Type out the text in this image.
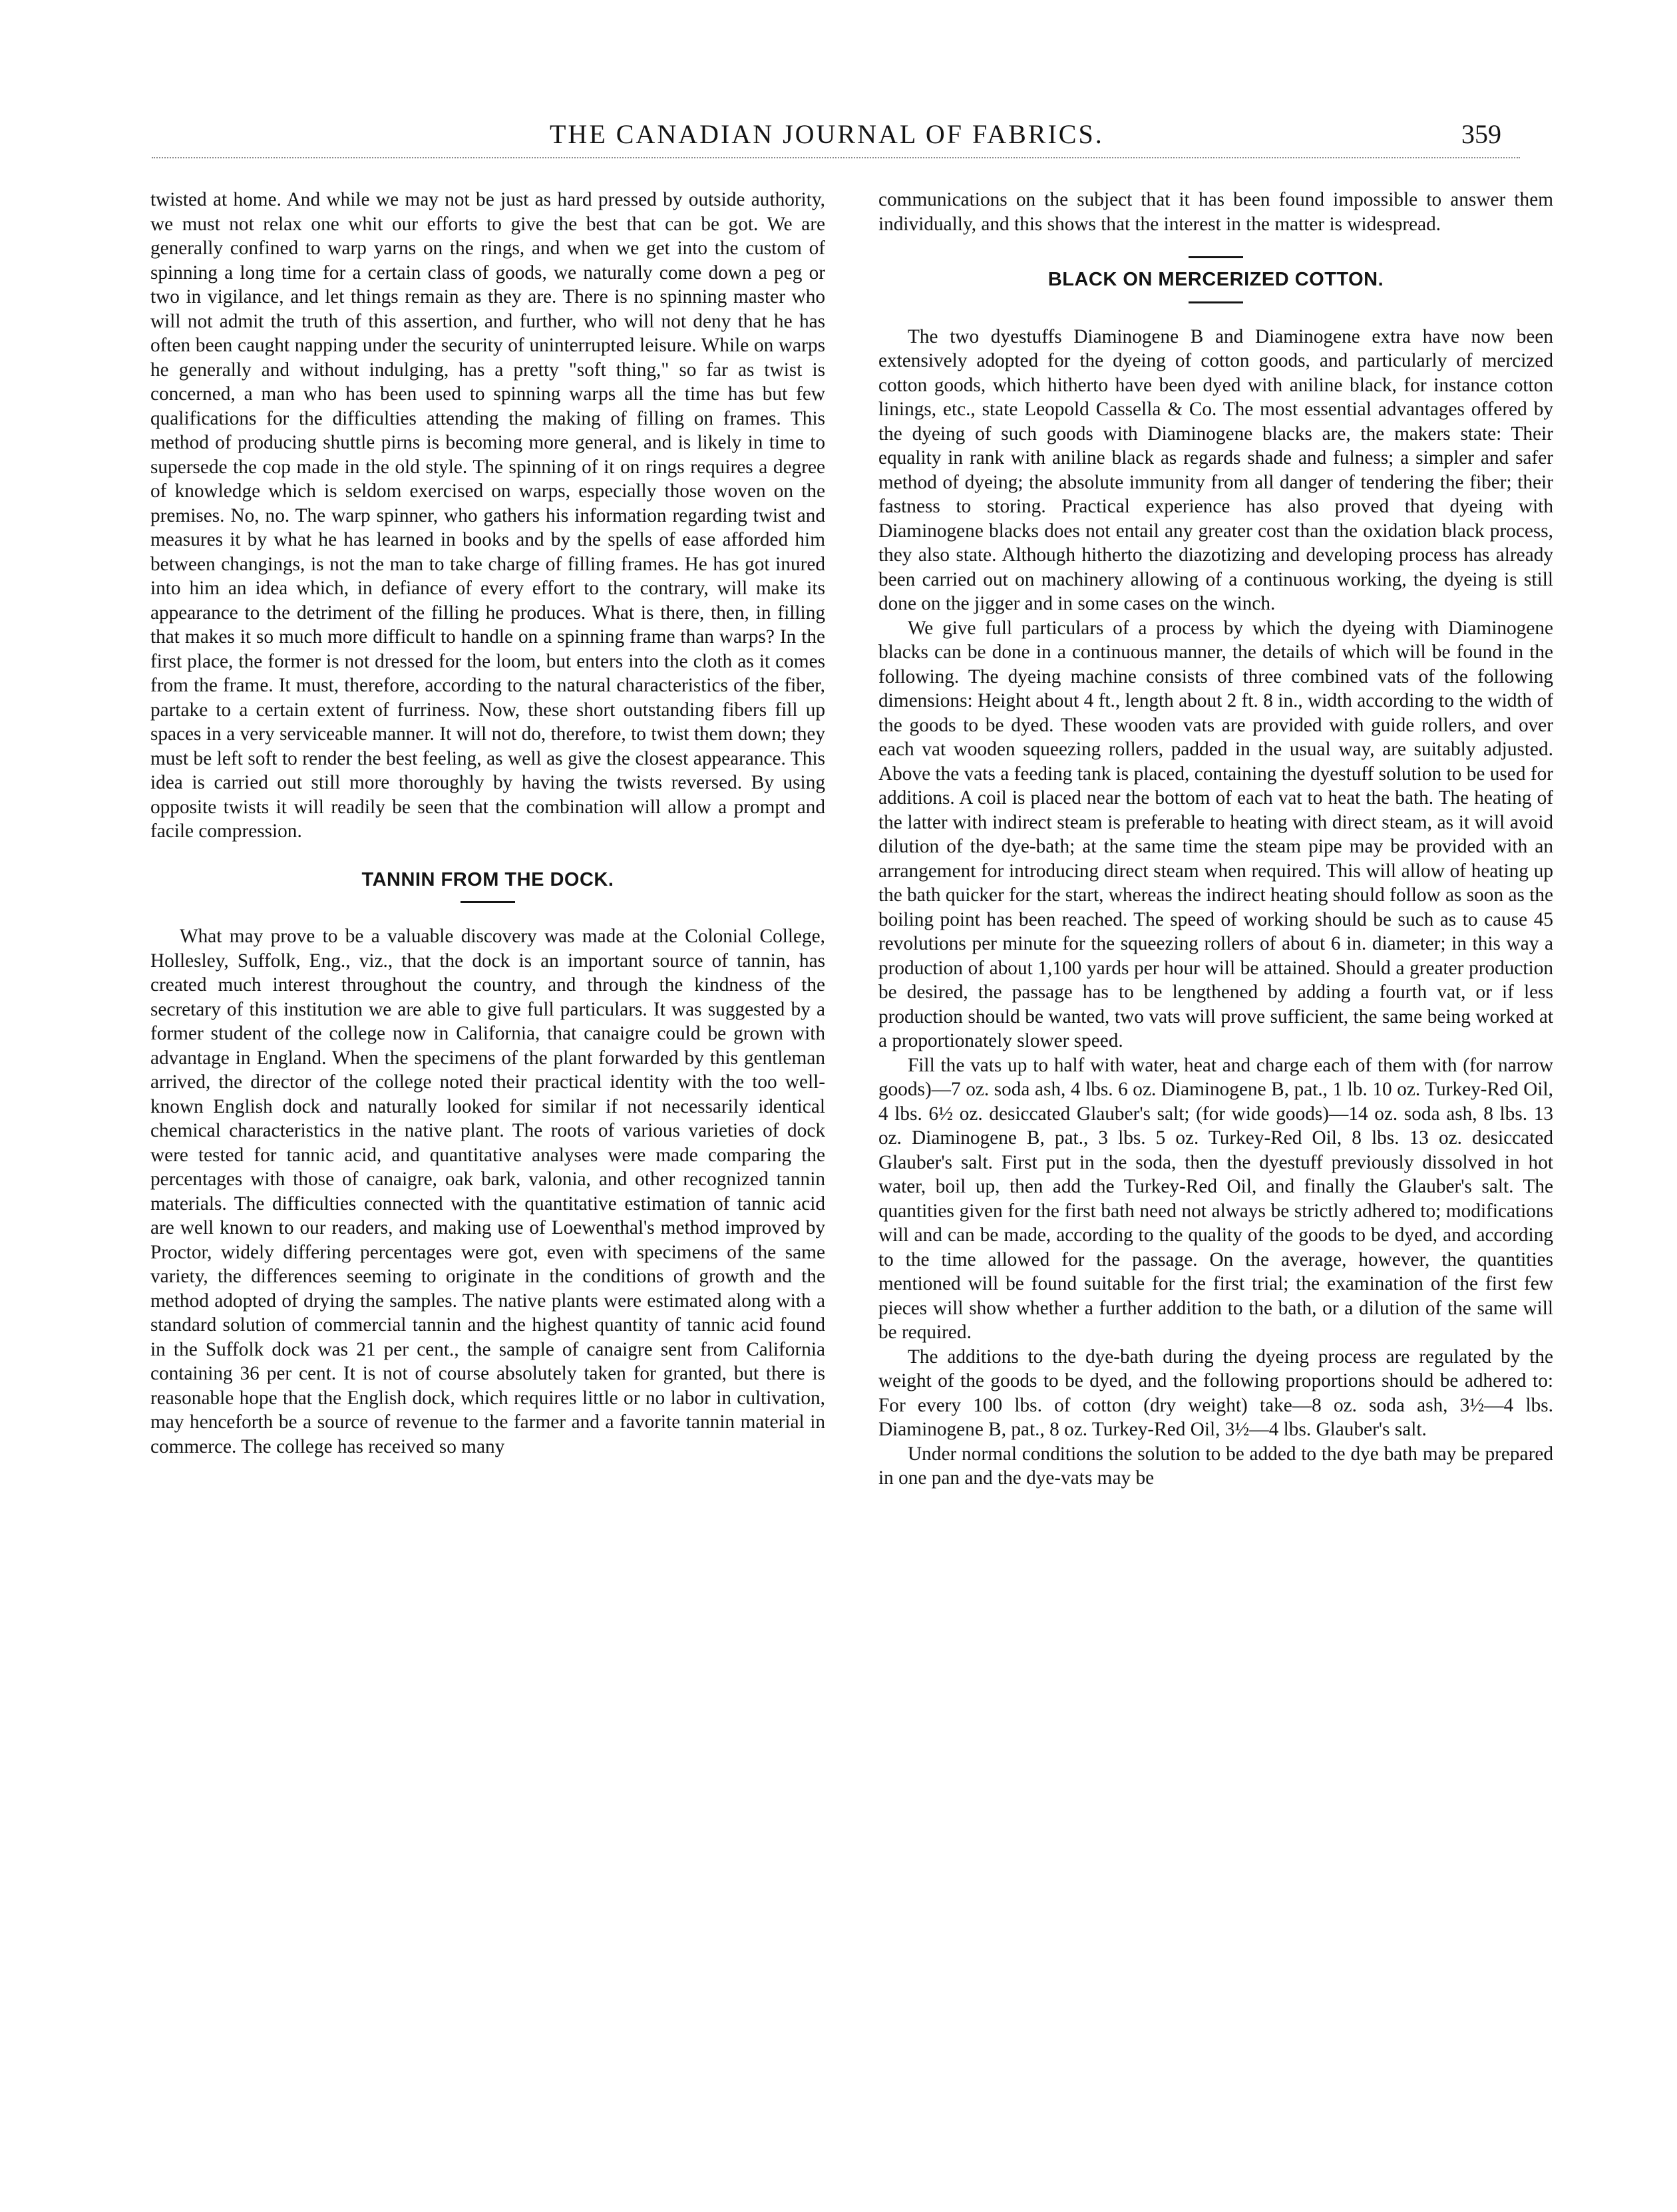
THE CANADIAN JOURNAL OF FABRICS.	359

twisted at home. And while we may not be just as hard pressed by outside authority, we must not relax one whit our efforts to give the best that can be got. We are generally confined to warp yarns on the rings, and when we get into the custom of spinning a long time for a certain class of goods, we naturally come down a peg or two in vigilance, and let things remain as they are. There is no spinning master who will not admit the truth of this assertion, and further, who will not deny that he has often been caught napping under the security of uninterrupted leisure. While on warps he generally and without indulging, has a pretty "soft thing," so far as twist is concerned, a man who has been used to spinning warps all the time has but few qualifications for the difficulties attending the making of filling on frames. This method of producing shuttle pirns is becoming more general, and is likely in time to supersede the cop made in the old style. The spinning of it on rings requires a degree of knowledge which is seldom exercised on warps, especially those woven on the premises. No, no. The warp spinner, who gathers his information regarding twist and measures it by what he has learned in books and by the spells of ease afforded him between changings, is not the man to take charge of filling frames. He has got inured into him an idea which, in defiance of every effort to the contrary, will make its appearance to the detriment of the filling he produces. What is there, then, in filling that makes it so much more difficult to handle on a spinning frame than warps? In the first place, the former is not dressed for the loom, but enters into the cloth as it comes from the frame. It must, therefore, according to the natural characteristics of the fiber, partake to a certain extent of furriness. Now, these short outstanding fibers fill up spaces in a very serviceable manner. It will not do, therefore, to twist them down; they must be left soft to render the best feeling, as well as give the closest appearance. This idea is carried out still more thoroughly by having the twists reversed. By using opposite twists it will readily be seen that the combination will allow a prompt and facile compression.

TANNIN FROM THE DOCK.

What may prove to be a valuable discovery was made at the Colonial College, Hollesley, Suffolk, Eng., viz., that the dock is an important source of tannin, has created much interest throughout the country, and through the kindness of the secretary of this institution we are able to give full particulars. It was suggested by a former student of the college now in California, that canaigre could be grown with advantage in England. When the specimens of the plant forwarded by this gentleman arrived, the director of the college noted their practical identity with the too well-known English dock and naturally looked for similar if not necessarily identical chemical characteristics in the native plant. The roots of various varieties of dock were tested for tannic acid, and quantitative analyses were made comparing the percentages with those of canaigre, oak bark, valonia, and other recognized tannin materials. The difficulties connected with the quantitative estimation of tannic acid are well known to our readers, and making use of Loewenthal's method improved by Proctor, widely differing percentages were got, even with specimens of the same variety, the differences seeming to originate in the conditions of growth and the method adopted of drying the samples. The native plants were estimated along with a standard solution of commercial tannin and the highest quantity of tannic acid found in the Suffolk dock was 21 per cent., the sample of canaigre sent from California containing 36 per cent. It is not of course absolutely taken for granted, but there is reasonable hope that the English dock, which requires little or no labor in cultivation, may henceforth be a source of revenue to the farmer and a favorite tannin material in commerce. The college has received so many

communications on the subject that it has been found impossible to answer them individually, and this shows that the interest in the matter is widespread.

BLACK ON MERCERIZED COTTON.

The two dyestuffs Diaminogene B and Diaminogene extra have now been extensively adopted for the dyeing of cotton goods, and particularly of mercized cotton goods, which hitherto have been dyed with aniline black, for instance cotton linings, etc., state Leopold Cassella & Co. The most essential advantages offered by the dyeing of such goods with Diaminogene blacks are, the makers state: Their equality in rank with aniline black as regards shade and fulness; a simpler and safer method of dyeing; the absolute immunity from all danger of tendering the fiber; their fastness to storing. Practical experience has also proved that dyeing with Diaminogene blacks does not entail any greater cost than the oxidation black process, they also state. Although hitherto the diazotizing and developing process has already been carried out on machinery allowing of a continuous working, the dyeing is still done on the jigger and in some cases on the winch.

We give full particulars of a process by which the dyeing with Diaminogene blacks can be done in a continuous manner, the details of which will be found in the following. The dyeing machine consists of three combined vats of the following dimensions: Height about 4 ft., length about 2 ft. 8 in., width according to the width of the goods to be dyed. These wooden vats are provided with guide rollers, and over each vat wooden squeezing rollers, padded in the usual way, are suitably adjusted. Above the vats a feeding tank is placed, containing the dyestuff solution to be used for additions. A coil is placed near the bottom of each vat to heat the bath. The heating of the latter with indirect steam is preferable to heating with direct steam, as it will avoid dilution of the dye-bath; at the same time the steam pipe may be provided with an arrangement for introducing direct steam when required. This will allow of heating up the bath quicker for the start, whereas the indirect heating should follow as soon as the boiling point has been reached. The speed of working should be such as to cause 45 revolutions per minute for the squeezing rollers of about 6 in. diameter; in this way a production of about 1,100 yards per hour will be attained. Should a greater production be desired, the passage has to be lengthened by adding a fourth vat, or if less production should be wanted, two vats will prove sufficient, the same being worked at a proportionately slower speed.

Fill the vats up to half with water, heat and charge each of them with (for narrow goods)—7 oz. soda ash, 4 lbs. 6 oz. Diaminogene B, pat., 1 lb. 10 oz. Turkey-Red Oil, 4 lbs. 6½ oz. desiccated Glauber's salt; (for wide goods)—14 oz. soda ash, 8 lbs. 13 oz. Diaminogene B, pat., 3 lbs. 5 oz. Turkey-Red Oil, 8 lbs. 13 oz. desiccated Glauber's salt. First put in the soda, then the dyestuff previously dissolved in hot water, boil up, then add the Turkey-Red Oil, and finally the Glauber's salt. The quantities given for the first bath need not always be strictly adhered to; modifications will and can be made, according to the quality of the goods to be dyed, and according to the time allowed for the passage. On the average, however, the quantities mentioned will be found suitable for the first trial; the examination of the first few pieces will show whether a further addition to the bath, or a dilution of the same will be required.

The additions to the dye-bath during the dyeing process are regulated by the weight of the goods to be dyed, and the following proportions should be adhered to: For every 100 lbs. of cotton (dry weight) take—8 oz. soda ash, 3½—4 lbs. Diaminogene B, pat., 8 oz. Turkey-Red Oil, 3½—4 lbs. Glauber's salt.

Under normal conditions the solution to be added to the dye bath may be prepared in one pan and the dye-vats may be
